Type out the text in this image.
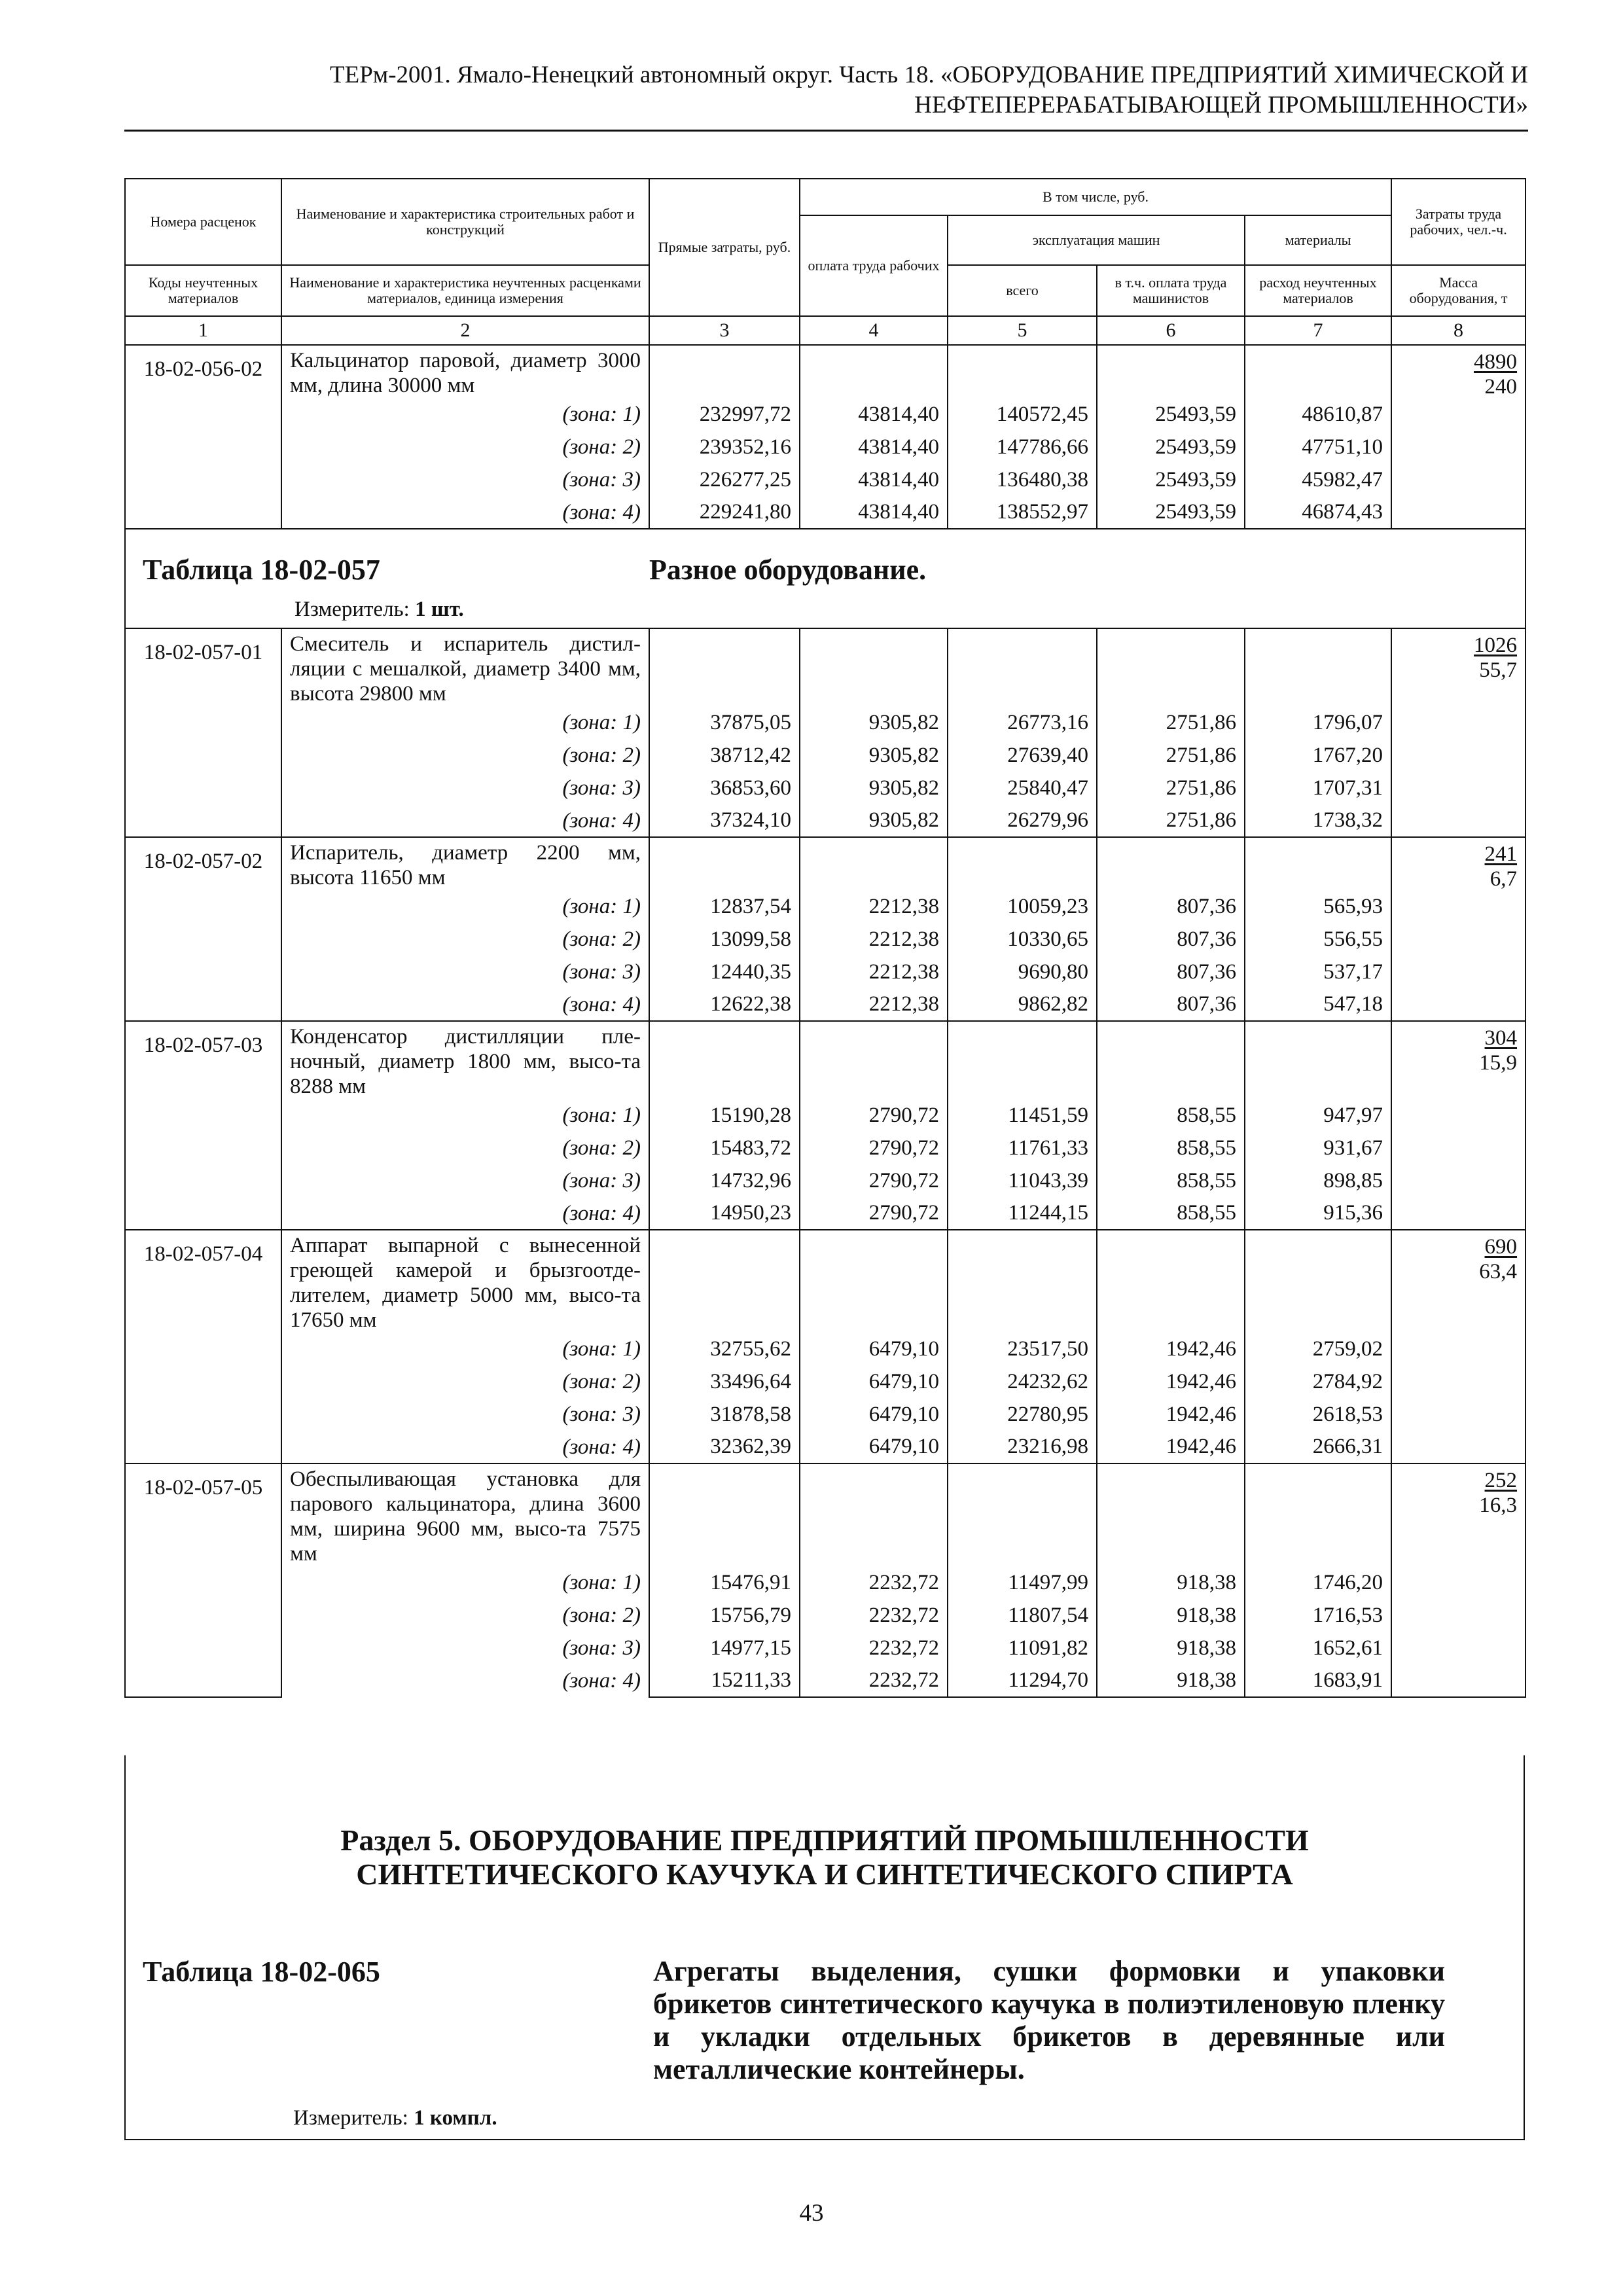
ТЕРм-2001. Ямало-Ненецкий автономный округ. Часть 18. «ОБОРУДОВАНИЕ ПРЕДПРИЯТИЙ ХИМИЧЕСКОЙ И
НЕФТЕПЕРЕРАБАТЫВАЮЩЕЙ ПРОМЫШЛЕННОСТИ»
Номера расценок	Наименование и характеристика строительных работ и конструкций	Прямые затраты, руб.	В том числе, руб.				Затраты труда рабочих, чел.-ч.
			оплата труда рабочих	эксплуатация машин		материалы	
Коды неучтенных материалов	Наименование и характеристика неучтенных расценками материалов, единица измерения			всего	в т.ч. оплата труда машинистов	расход неучтенных материалов	Масса оборудования, т
1	2	3	4	5	6	7	8
18-02-056-02	Кальцинатор паровой, диаметр 3000 мм, длина 30000 мм						$\frac{4890}{240}$

	(зона: 1)	232997,72	43814,40	140572,45	25493,59	48610,87	
	(зона: 2)	239352,16	43814,40	147786,66	25493,59	47751,10	
	(зона: 3)	226277,25	43814,40	136480,38	25493,59	45982,47	
	(зона: 4)	229241,80	43814,40	138552,97	25493,59	46874,43	

Таблица 18-02-057 Разное оборудование.
Измеритель: 1 шт.							

18-02-057-01	Смеситель и испаритель дистил-ляции с мешалкой, диаметр 3400 мм, высота 29800 мм						$\frac{1026}{55,7}$

	(зона: 1)	37875,05	9305,82	26773,16	2751,86	1796,07	
	(зона: 2)	38712,42	9305,82	27639,40	2751,86	1767,20	
	(зона: 3)	36853,60	9305,82	25840,47	2751,86	1707,31	
	(зона: 4)	37324,10	9305,82	26279,96	2751,86	1738,32	
18-02-057-02	Испаритель, диаметр 2200 мм, высота 11650 мм						$\frac{241}{6,7}$

	(зона: 1)	12837,54	2212,38	10059,23	807,36	565,93	
	(зона: 2)	13099,58	2212,38	10330,65	807,36	556,55	
	(зона: 3)	12440,35	2212,38	9690,80	807,36	537,17	
	(зона: 4)	12622,38	2212,38	9862,82	807,36	547,18	
18-02-057-03	Конденсатор дистилляции пле-ночный, диаметр 1800 мм, высо-та 8288 мм						$\frac{304}{15,9}$

	(зона: 1)	15190,28	2790,72	11451,59	858,55	947,97	
	(зона: 2)	15483,72	2790,72	11761,33	858,55	931,67	
	(зона: 3)	14732,96	2790,72	11043,39	858,55	898,85	
	(зона: 4)	14950,23	2790,72	11244,15	858,55	915,36	
18-02-057-04	Аппарат выпарной с вынесенной греющей камерой и брызгоотде-лителем, диаметр 5000 мм, высо-та 17650 мм						$\frac{690}{63,4}$

	(зона: 1)	32755,62	6479,10	23517,50	1942,46	2759,02	
	(зона: 2)	33496,64	6479,10	24232,62	1942,46	2784,92	
	(зона: 3)	31878,58	6479,10	22780,95	1942,46	2618,53	
	(зона: 4)	32362,39	6479,10	23216,98	1942,46	2666,31	
18-02-057-05	Обеспыливающая установка для парового кальцинатора, длина 3600 мм, ширина 9600 мм, высо-та 7575 мм						$\frac{252}{16,3}$

	(зона: 1)	15476,91	2232,72	11497,99	918,38	1746,20	
	(зона: 2)	15756,79	2232,72	11807,54	918,38	1716,53	
	(зона: 3)	14977,15	2232,72	11091,82	918,38	1652,61	
	(зона: 4)	15211,33	2232,72	11294,70	918,38	1683,91	
Раздел 5. ОБОРУДОВАНИЕ ПРЕДПРИЯТИЙ ПРОМЫШЛЕННОСТИ
СИНТЕТИЧЕСКОГО КАУЧУКА И СИНТЕТИЧЕСКОГО СПИРТА
Таблица 18-02-065	Агрегаты выделения, сушки формовки и упаковки брикетов синтетического каучука в полиэтиленовую пленку и укладки отдельных брикетов в деревянные или металлические контейнеры.
Измеритель: 1 компл.
43
